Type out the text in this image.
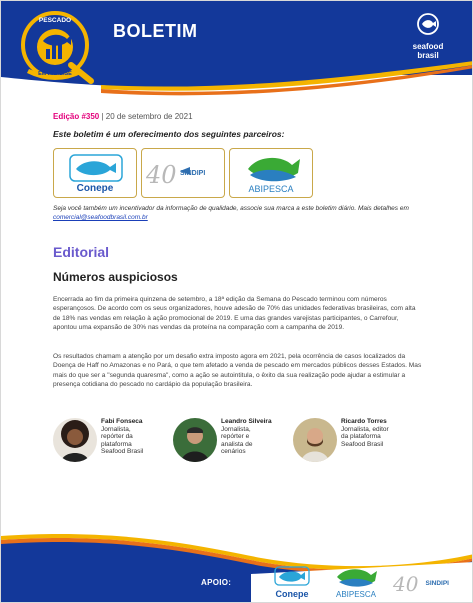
PESCADO
EM ANÁLISE
BOLETIM
seafood
brasil
Edição #350 | 20 de setembro de 2021
Este boletim é um oferecimento dos seguintes parceiros:
Conepe	40 SINDIPI
ABIPESCA
Seja você também um incentivador da informação de qualidade, associe sua marca a este boletim diário. Mais detalhes em comercial@seafoodbrasil.com.br
Editorial
Números auspiciosos

Encerrada ao fim da primeira quinzena de setembro, a 18ª edição da Semana do Pescado terminou com números esperançosos. De acordo com os seus organizadores, houve adesão de 70% das unidades federativas brasileiras, com alta de 18% nas vendas em relação à ação promocional de 2019. E uma das grandes varejistas participantes, o Carrefour, apontou uma expansão de 30% nas vendas da proteína na comparação com a campanha de 2019.

Os resultados chamam a atenção por um desafio extra imposto agora em 2021, pela ocorrência de casos localizados da Doença de Haff no Amazonas e no Pará, o que tem afetado a venda de pescado em mercados públicos desses Estados. Mas mais do que ser a "segunda quaresma", como a ação se autointitula, o êxito da sua realização pode ajudar a estimular a presença cotidiana do pescado no cardápio da população brasileira.

Fabi Fonseca
Jornalista, repórter da plataforma Seafood Brasil
Leandro Silveira
Jornalista, repórter e analista de cenários
Ricardo Torres
Jornalista, editor da plataforma Seafood Brasil
APOIO:
Conepe	ABIPESCA 40	SINDIPI
